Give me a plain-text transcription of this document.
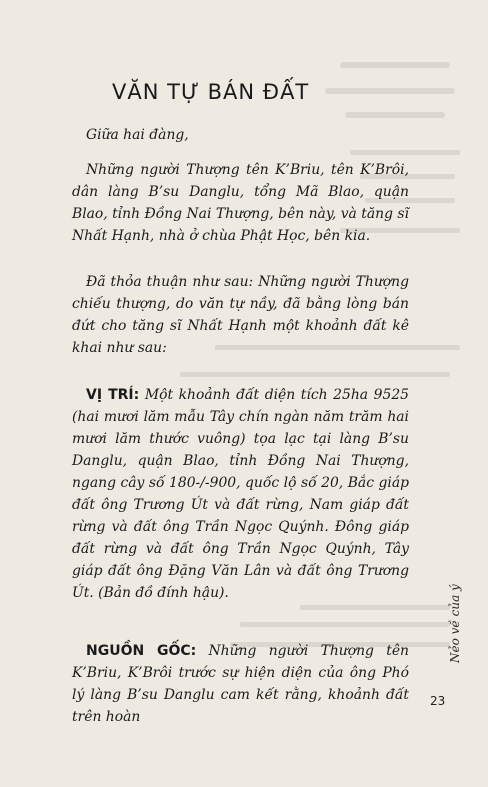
VĂN TỰ BÁN ĐẤT

Giữa hai đàng,

Những người Thượng tên K’Briu, tên K’Brôi, dân làng B’su Danglu, tổng Mã Blao, quận Blao, tỉnh Đồng Nai Thượng, bên này, và tăng sĩ Nhất Hạnh, nhà ở chùa Phật Học, bên kia.

Đã thỏa thuận như sau: Những người Thượng chiếu thượng, do văn tự nầy, đã bằng lòng bán đứt cho tăng sĩ Nhất Hạnh một khoảnh đất kê khai như sau:

VỊ TRÍ: Một khoảnh đất diện tích 25ha 9525 (hai mươi lăm mẫu Tây chín ngàn năm trăm hai mươi lăm thước vuông) tọa lạc tại làng B’su Danglu, quận Blao, tỉnh Đồng Nai Thượng, ngang cây số 180-/-900, quốc lộ số 20, Bắc giáp đất ông Trương Út và đất rừng, Nam giáp đất rừng và đất ông Trần Ngọc Quýnh. Đông giáp đất rừng và đất ông Trần Ngọc Quýnh, Tây giáp đất ông Đặng Văn Lân và đất ông Trương Út. (Bản đồ đính hậu).

NGUỒN GỐC: Những người Thượng tên K’Briu, K’Brôi trước sự hiện diện của ông Phó lý làng B’su Danglu cam kết rằng, khoảnh đất trên hoàn

Nẻo về của ý
23
